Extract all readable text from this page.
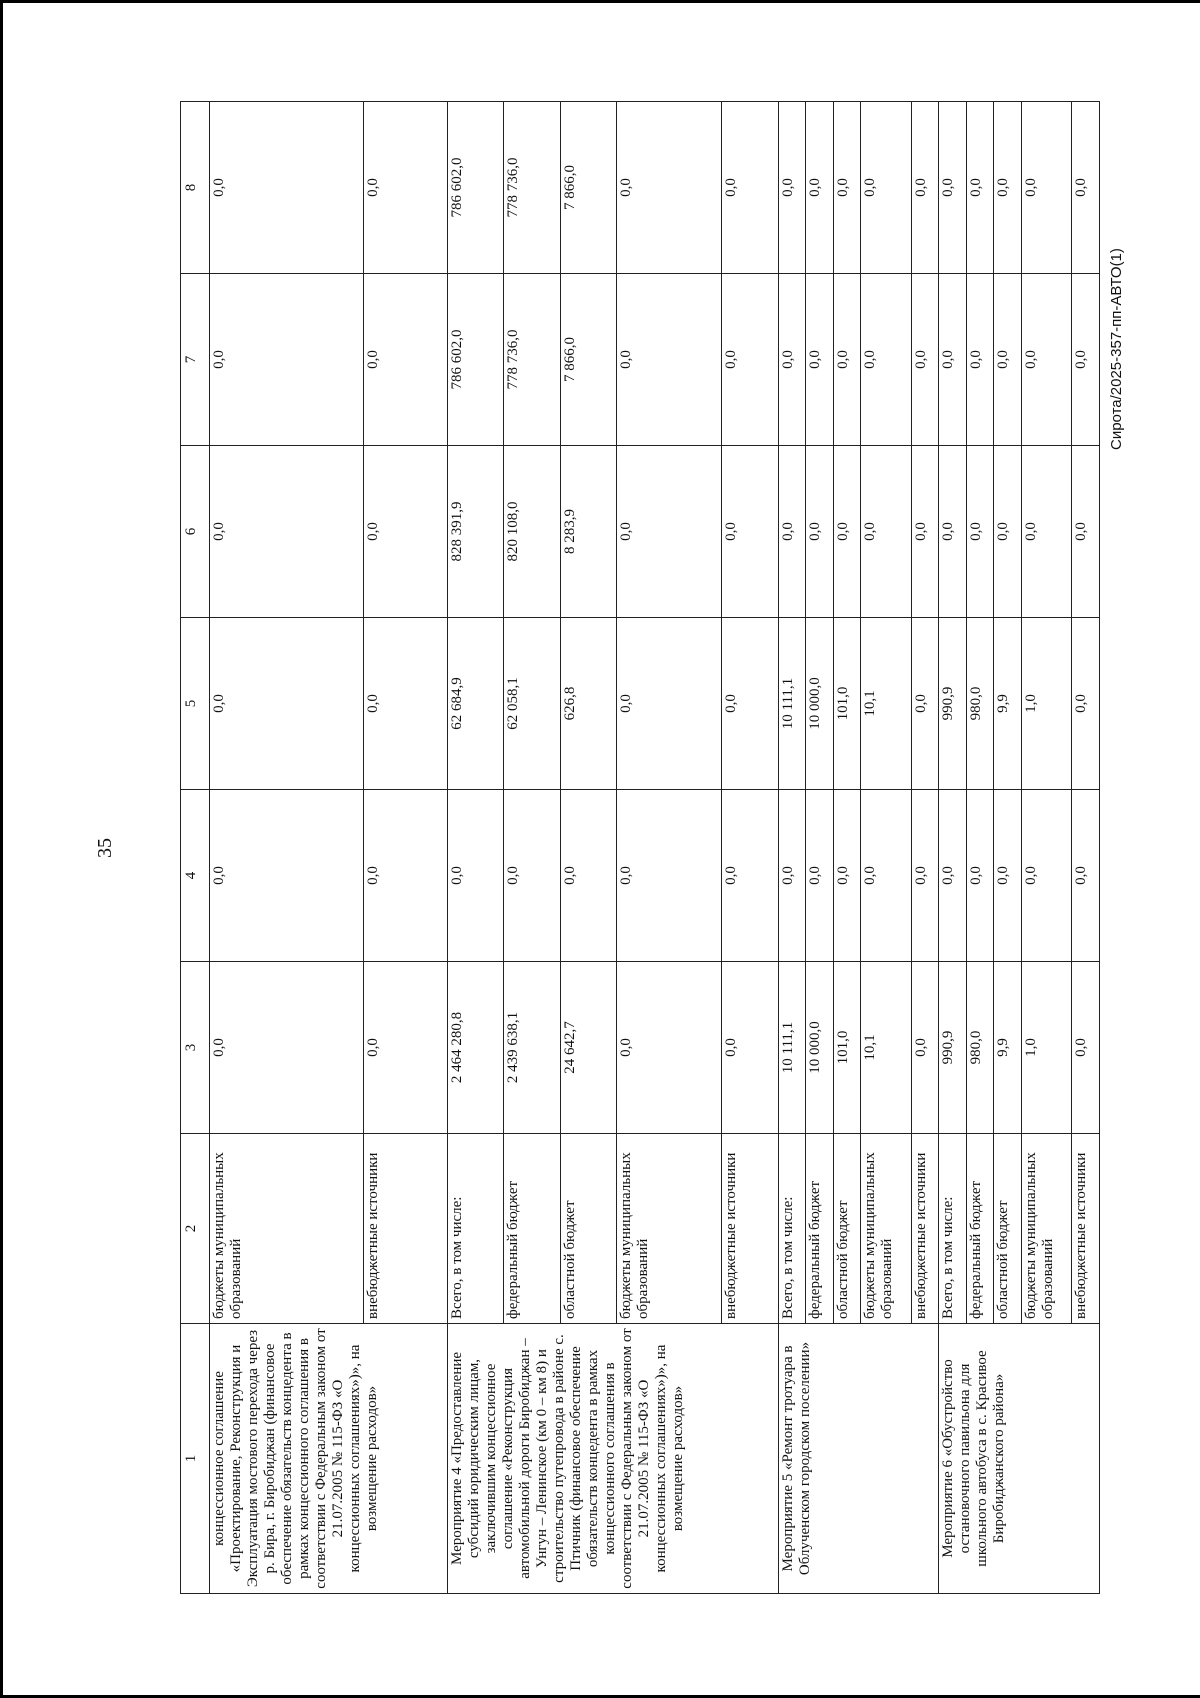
35
Сирота/2025-357-пп-АВТО(1)
1	2	3	4	5	6	7	8
концессионное соглашение «Проектирование, Реконструкция и Эксплуатация мостового перехода через р. Бира, г. Биробиджан (финансовое обеспечение обязательств концедента в рамках концессионного соглашения в соответствии с Федеральным законом от 21.07.2005 № 115-ФЗ «О концессионных соглашениях»)», на возмещение расходов»	бюджеты муниципальных образований	0,0	0,0	0,0	0,0	0,0	0,0
	внебюджетные источники	0,0	0,0	0,0	0,0	0,0	0,0
Мероприятие 4 «Предоставление субсидий юридическим лицам, заключившим концессионное соглашение «Реконструкция автомобильной дороги Биробиджан – Унгун – Ленинское (км 0 – км 8) и строительство путепровода в районе с. Птичник (финансовое обеспечение обязательств концедента в рамках концессионного соглашения в соответствии с Федеральным законом от 21.07.2005 № 115-ФЗ «О концессионных соглашениях»)», на возмещение расходов»	Всего, в том числе:	2 464 280,8	0,0	62 684,9	828 391,9	786 602,0	786 602,0
	федеральный бюджет	2 439 638,1	0,0	62 058,1	820 108,0	778 736,0	778 736,0
	областной бюджет	24 642,7	0,0	626,8	8 283,9	7 866,0	7 866,0
	бюджеты муниципальных образований	0,0	0,0	0,0	0,0	0,0	0,0
	внебюджетные источники	0,0	0,0	0,0	0,0	0,0	0,0
Мероприятие 5 «Ремонт тротуара в Облученском городском поселении»	Всего, в том числе:	10 111,1	0,0	10 111,1	0,0	0,0	0,0
	федеральный бюджет	10 000,0	0,0	10 000,0	0,0	0,0	0,0
	областной бюджет	101,0	0,0	101,0	0,0	0,0	0,0
	бюджеты муниципальных образований	10,1	0,0	10,1	0,0	0,0	0,0
	внебюджетные источники	0,0	0,0	0,0	0,0	0,0	0,0
Мероприятие 6 «Обустройство остановочного павильона для школьного автобуса в с. Красивое Биробиджанского района»	Всего, в том числе:	990,9	0,0	990,9	0,0	0,0	0,0
	федеральный бюджет	980,0	0,0	980,0	0,0	0,0	0,0
	областной бюджет	9,9	0,0	9,9	0,0	0,0	0,0
	бюджеты муниципальных образований	1,0	0,0	1,0	0,0	0,0	0,0
	внебюджетные источники	0,0	0,0	0,0	0,0	0,0	0,0
